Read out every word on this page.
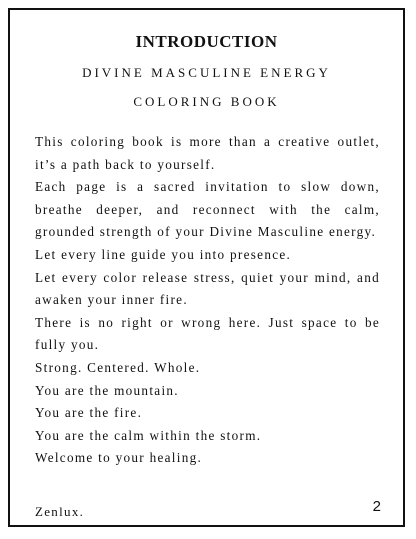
INTRODUCTION

DIVINE MASCULINE ENERGY

COLORING BOOK

This coloring book is more than a creative outlet, it’s a path back to yourself.

Each page is a sacred invitation to slow down, breathe deeper, and reconnect with the calm, grounded strength of your Divine Masculine energy.

Let every line guide you into presence.

Let every color release stress, quiet your mind, and awaken your inner fire.

There is no right or wrong here. Just space to be fully you.

Strong. Centered. Whole.

You are the mountain.

You are the fire.

You are the calm within the storm.

Welcome to your healing.

Zenlux.	2
